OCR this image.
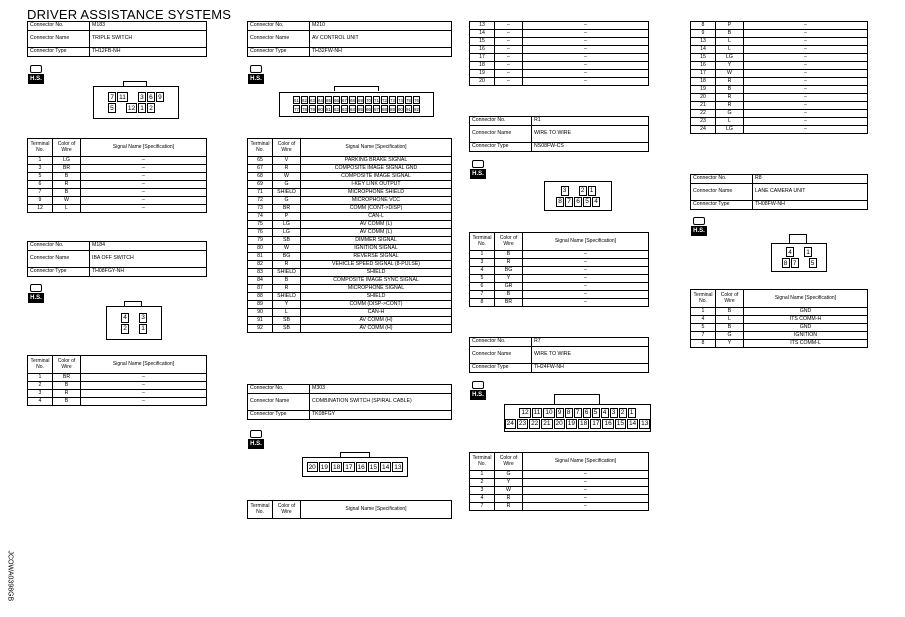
DRIVER ASSISTANCE SYSTEMS
JCOWA0398GB
Connector No.	M183
Connector Name	TRIPLE SWITCH
Connector Type	TH12FB-NH
H.S.
7 11	3 6 9
5	12 1 2
Terminal No.	Color of Wire	Signal Name [Specification]
1	LG	–
3	BR	–
5	B	–
6	R	–
7	B	–
9	W	–
12	L	–
Connector No.	M184
Connector Name	IBA OFF SWITCH
Connector Type	TH08FGY-NH
H.S.
4	3
2	1
Terminal No.	Color of Wire	Signal Name [Specification]
1	BR	–
2	B	–
3	R	–
4	B	–
Connector No.	M210
Connector Name	AV CONTROL UNIT
Connector Type	TH32FW-NH
H.S.
61 62 63 64 65 66 67 68 69 70 71 72 73 74 75 76
77 78 79 80 81 82 83 84 85 86 87 88 89 90 91 92
Terminal No.	Color of Wire	Signal Name [Specification]
65	V	PARKING BRAKE SIGNAL
67	R	COMPOSITE IMAGE SIGNAL GND
68	W	COMPOSITE IMAGE SIGNAL
69	G	I-KEY LINK OUTPUT
71	SHIELD	MICROPHONE SHIELD
72	G	MICROPHONE VCC
73	BR	COMM (CONT->DISP)
74	P	CAN-L
75	LG	AV COMM (L)
76	LG	AV COMM (L)
79	SB	DIMMER SIGNAL
80	W	IGNITION SIGNAL
81	BG	REVERSE SIGNAL
82	R	VEHICLE SPEED SIGNAL (8-PULSE)
83	SHIELD	SHIELD
84	B	COMPOSITE IMAGE SYNC SIGNAL
87	R	MICROPHONE SIGNAL
88	SHIELD	SHIELD
89	Y	COMM (DISP->CONT)
90	L	CAN-H
91	SB	AV COMM (H)
92	SB	AV COMM (H)
Connector No.	M303
Connector Name	COMBINATION SWITCH (SPIRAL CABLE)
Connector Type	TK08FGY
H.S.
20 19 18 17 16 15 14 13
Terminal No.	Color of Wire	Signal Name [Specification]
13	–	–
14	–	–
15	–	–
16	–	–
17	–	–
18	–	–
19	–	–
20	–	–
Connector No.	R1
Connector Name	WIRE TO WIRE
Connector Type	NS08FW-CS
H.S.
3	2 1
8 7 6 5 4
Terminal No.	Color of Wire	Signal Name [Specification]
1	B	–
3	R	–
4	BG	–
5	Y	–
6	GR	–
7	B	–
8	BR	–
Connector No.	R7
Connector Name	WIRE TO WIRE
Connector Type	TH24FW-NH
H.S.
12 11 10 9 8 7 6 5 4 3 2 1
24 23 22 21 20 19 18 17 16 15 14 13
Terminal No.	Color of Wire	Signal Name [Specification]
1	G	–
2	Y	–
3	W	–
4	R	–
7	R	–
8	P	–
9	B	–
13	L	–
14	L	–
15	LG	–
16	Y	–
17	W	–
18	R	–
19	B	–
20	R	–
21	R	–
22	G	–
23	L	–
24	LG	–
Connector No.	R8
Connector Name	LANE CAMERA UNIT
Connector Type	TH08FW-NH
H.S.
4	1
8 7	5
Terminal No.	Color of Wire	Signal Name [Specification]
1	B	GND
4	L	ITS COMM-H
5	B	GND
7	G	IGNITION
8	Y	ITS COMM-L
